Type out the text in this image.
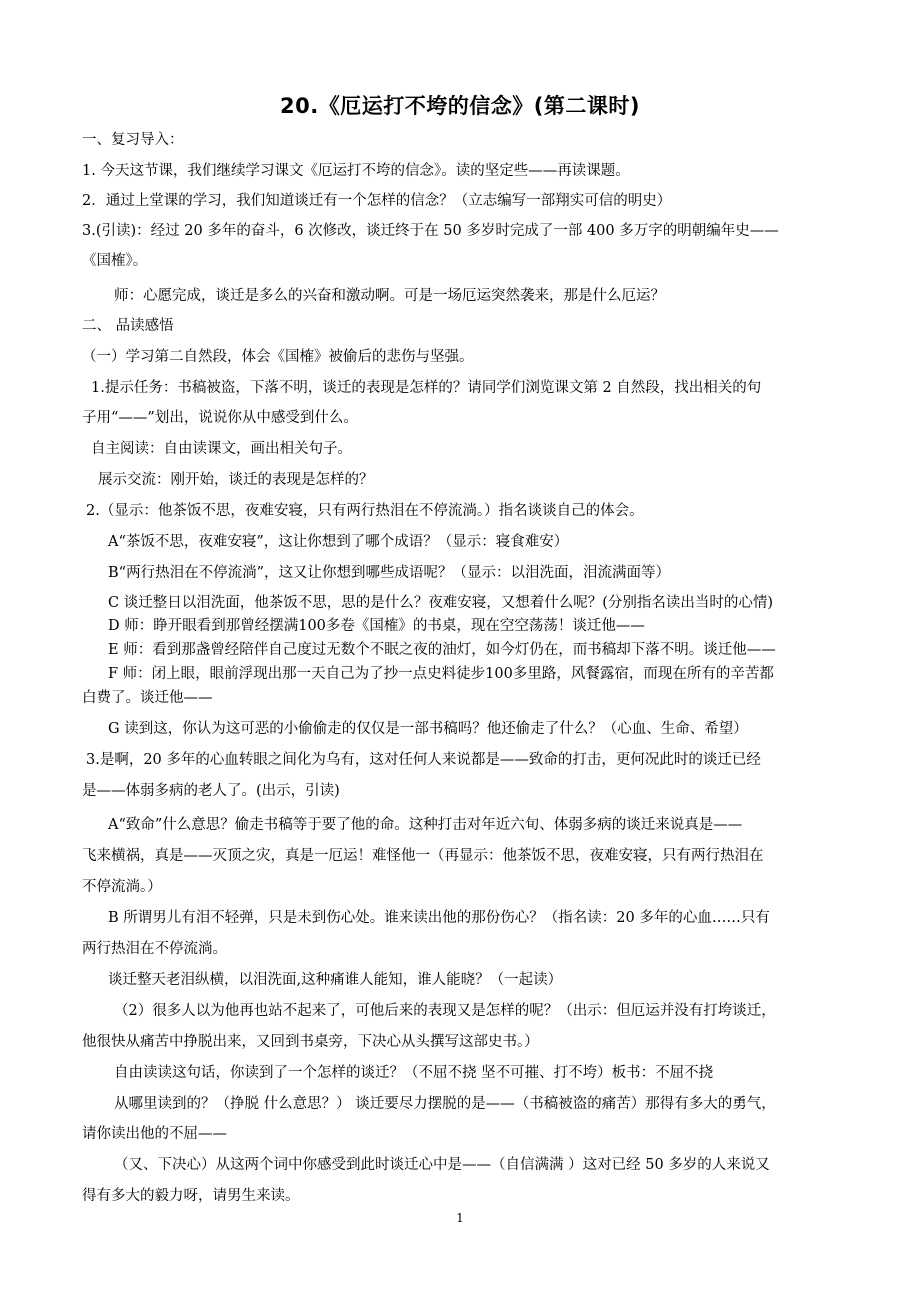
20.《厄运打不垮的信念》(第二课时)
一、复习导入：
1. 今天这节课，我们继续学习课文《厄运打不垮的信念》。读的坚定些——再读课题。
2．通过上堂课的学习，我们知道谈迁有一个怎样的信念？（立志编写一部翔实可信的明史）
3.(引读)：经过 20 多年的奋斗，6 次修改，谈迁终于在 50 多岁时完成了一部 400 多万字的明朝编年史——
《国榷》。
师：心愿完成，谈迁是多么的兴奋和激动啊。可是一场厄运突然袭来，那是什么厄运？
二、 品读感悟
（一）学习第二自然段，体会《国榷》被偷后的悲伤与坚强。
1.提示任务：书稿被盗，下落不明，谈迁的表现是怎样的？请同学们浏览课文第 2 自然段，找出相关的句
子用“——”划出，说说你从中感受到什么。
自主阅读：自由读课文，画出相关句子。
展示交流：刚开始，谈迁的表现是怎样的？
2.（显示：他茶饭不思，夜难安寝，只有两行热泪在不停流淌。）指名谈谈自己的体会。
A“茶饭不思，夜难安寝”，这让你想到了哪个成语？（显示：寝食难安）
B“两行热泪在不停流淌”，这又让你想到哪些成语呢？（显示：以泪洗面，泪流满面等）
C 谈迁整日以泪洗面，他茶饭不思，思的是什么？夜难安寝，又想着什么呢？(分别指名读出当时的心情)
D 师：睁开眼看到那曾经摆满100多卷《国榷》的书桌，现在空空荡荡！谈迁他——
E 师：看到那盏曾经陪伴自己度过无数个不眠之夜的油灯，如今灯仍在，而书稿却下落不明。谈迁他——
F 师：闭上眼，眼前浮现出那一天自己为了抄一点史料徒步100多里路，风餐露宿，而现在所有的辛苦都
白费了。谈迁他——
G 读到这，你认为这可恶的小偷偷走的仅仅是一部书稿吗？他还偷走了什么？（心血、生命、希望）
3.是啊，20 多年的心血转眼之间化为乌有，这对任何人来说都是——致命的打击，更何况此时的谈迁已经
是——体弱多病的老人了。(出示，引读)
A“致命”什么意思？偷走书稿等于要了他的命。这种打击对年近六旬、体弱多病的谈迁来说真是——
飞来横祸，真是——灭顶之灾，真是一厄运！难怪他一（再显示：他茶饭不思，夜难安寝，只有两行热泪在
不停流淌。）
B 所谓男儿有泪不轻弹，只是未到伤心处。谁来读出他的那份伤心？（指名读：20 多年的心血……只有
两行热泪在不停流淌。
谈迁整天老泪纵横，以泪洗面,这种痛谁人能知，谁人能晓？（一起读）
（2）很多人以为他再也站不起来了，可他后来的表现又是怎样的呢？（出示：但厄运并没有打垮谈迁，
他很快从痛苦中挣脱出来，又回到书桌旁，下决心从头撰写这部史书。）
自由读读这句话，你读到了一个怎样的谈迁？（不屈不挠 坚不可摧、打不垮）板书：不屈不挠
从哪里读到的？（挣脱 什么意思？） 谈迁要尽力摆脱的是——（书稿被盗的痛苦）那得有多大的勇气，
请你读出他的不屈——
（又、下决心）从这两个词中你感受到此时谈迁心中是——（自信满满 ）这对已经 50 多岁的人来说又
得有多大的毅力呀，请男生来读。
1
